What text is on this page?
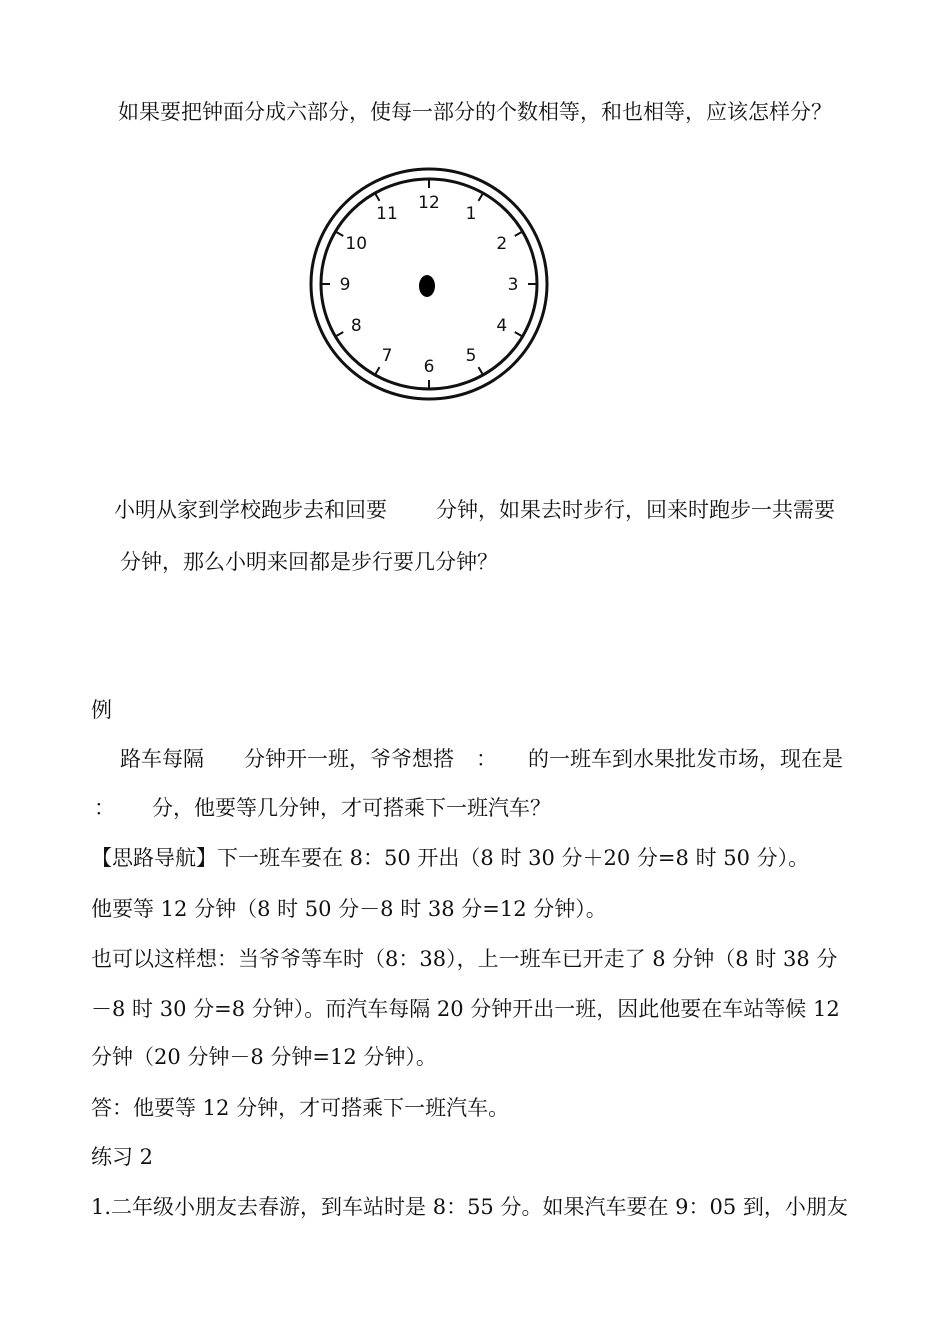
如果要把钟面分成六部分，使每一部分的个数相等，和也相等，应该怎样分？

12
1
2
3
4
5
6
7
8
9
10
11

小明从家到学校跑步去和回要 分钟，如果去时步行，回来时跑步一共需要

分钟，那么小明来回都是步行要几分钟？

例

路车每隔 分钟开一班，爷爷想搭 ： 的一班车到水果批发市场，现在是

： 分，他要等几分钟，才可搭乘下一班汽车？

【思路导航】下一班车要在 8：50 开出（8 时 30 分＋20 分=8 时 50 分）。

他要等 12 分钟（8 时 50 分－8 时 38 分=12 分钟）。

也可以这样想：当爷爷等车时（8：38），上一班车已开走了 8 分钟（8 时 38 分

－8 时 30 分=8 分钟）。而汽车每隔 20 分钟开出一班，因此他要在车站等候 12

分钟（20 分钟－8 分钟=12 分钟）。

答：他要等 12 分钟，才可搭乘下一班汽车。

练习 2

1.二年级小朋友去春游，到车站时是 8：55 分。如果汽车要在 9：05 到，小朋友
